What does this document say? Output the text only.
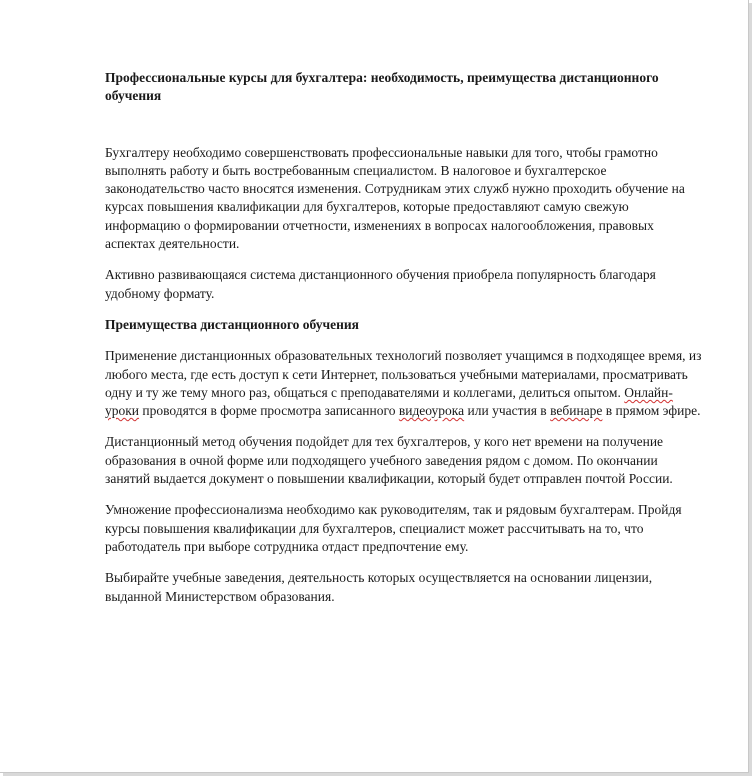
Профессиональные курсы для бухгалтера: необходимость, преимущества дистанционного обучения

Бухгалтеру необходимо совершенствовать профессиональные навыки для того, чтобы грамотно выполнять работу и быть востребованным специалистом. В налоговое и бухгалтерское законодательство часто вносятся изменения. Сотрудникам этих служб нужно проходить обучение на курсах повышения квалификации для бухгалтеров, которые предоставляют самую свежую информацию о формировании отчетности, изменениях в вопросах налогообложения, правовых аспектах деятельности.

Активно развивающаяся система дистанционного обучения приобрела популярность благодаря удобному формату.

Преимущества дистанционного обучения

Применение дистанционных образовательных технологий позволяет учащимся в подходящее время, из любого места, где есть доступ к сети Интернет, пользоваться учебными материалами, просматривать одну и ту же тему много раз, общаться с преподавателями и коллегами, делиться опытом. Онлайн-уроки проводятся в форме просмотра записанного видеоурока или участия в вебинаре в прямом эфире.

Дистанционный метод обучения подойдет для тех бухгалтеров, у кого нет времени на получение образования в очной форме или подходящего учебного заведения рядом с домом. По окончании занятий выдается документ о повышении квалификации, который будет отправлен почтой России.

Умножение профессионализма необходимо как руководителям, так и рядовым бухгалтерам. Пройдя курсы повышения квалификации для бухгалтеров, специалист может рассчитывать на то, что работодатель при выборе сотрудника отдаст предпочтение ему.

Выбирайте учебные заведения, деятельность которых осуществляется на основании лицензии, выданной Министерством образования.
